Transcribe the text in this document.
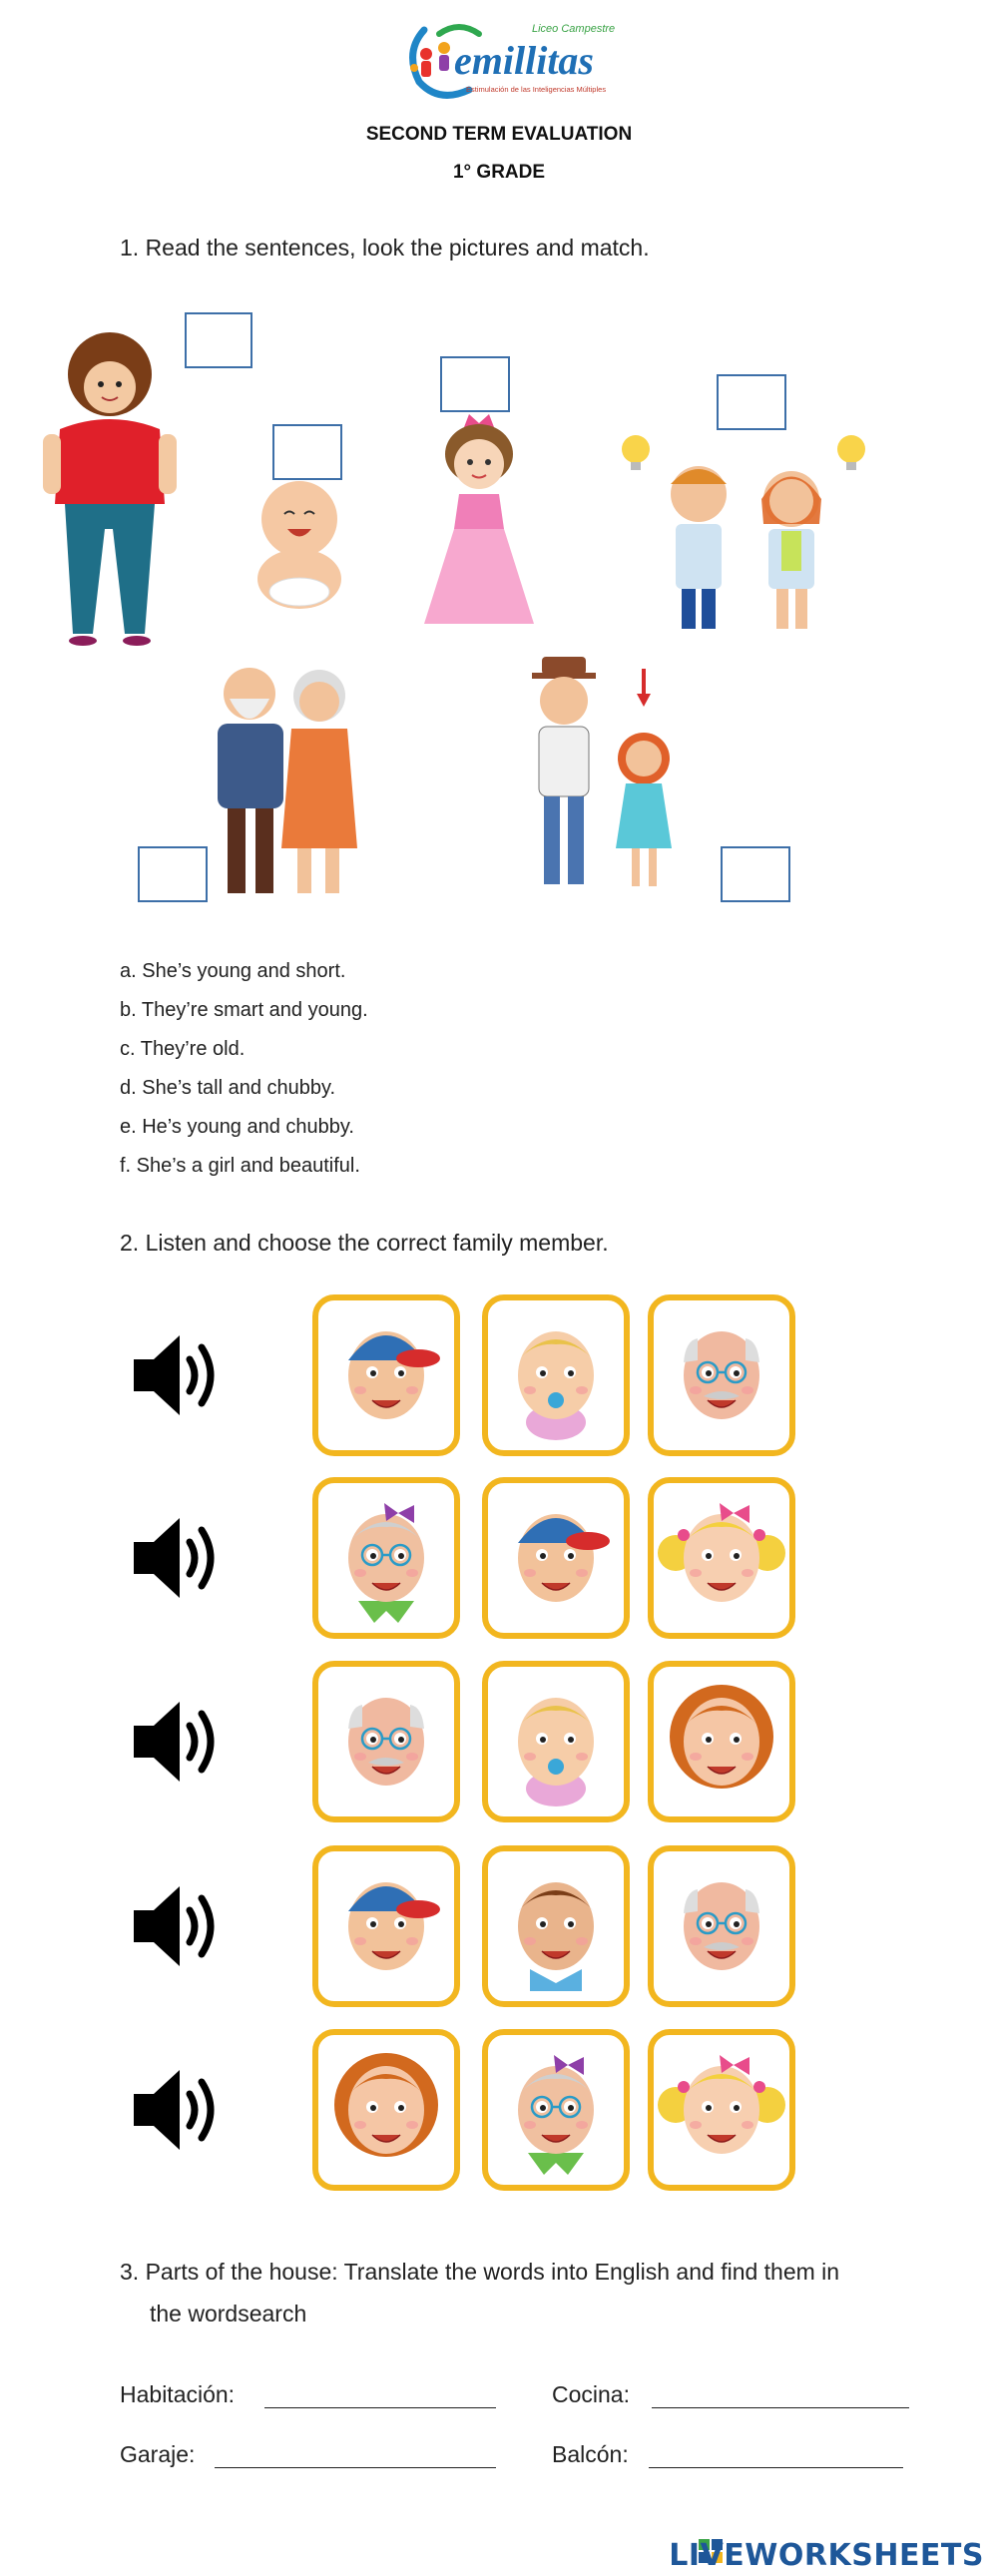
Liceo Campestre
emillitas
Estimulación de las Inteligencias Múltiples
SECOND TERM EVALUATION
1° GRADE
1. Read the sentences, look the pictures and match.
a. She’s young and short.
b. They’re smart and young.
c. They’re old.
d. She’s tall and chubby.
e. He’s young and chubby.
f. She’s a girl and beautiful.
2. Listen and choose the correct family member.
3. Parts of the house: Translate the words into English and find them in
the wordsearch
Habitación:	Cocina:
Garaje:	Balcón:
LIVEWORKSHEETS
